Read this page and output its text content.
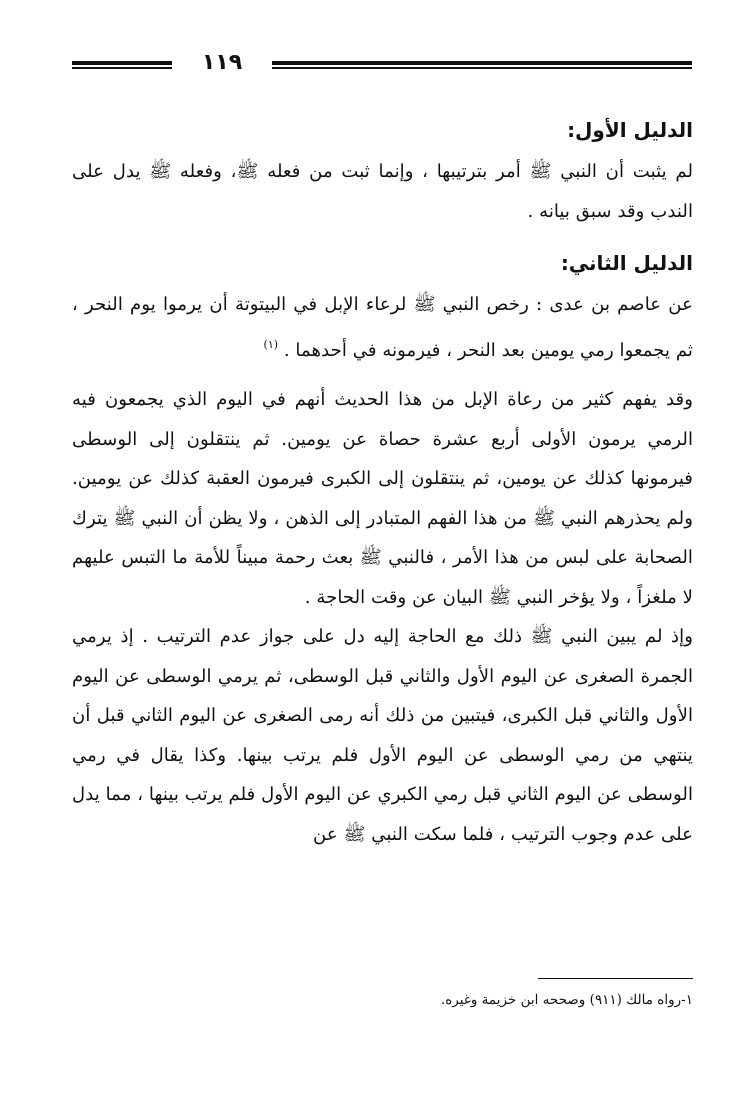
١١٩
الدليل الأول:

لم يثبت أن النبي ﷺ أمر بترتيبها ، وإنما ثبت من فعله ﷺ، وفعله ﷺ يدل على الندب وقد سبق بيانه .

الدليل الثاني:

عن عاصم بن عدى : رخص النبي ﷺ لرعاء الإبل في البيتوتة أن يرموا يوم النحر ، ثم يجمعوا رمي يومين بعد النحر ، فيرمونه في أحدهما . $^{(١)}$

وقد يفهم كثير من رعاة الإبل من هذا الحديث أنهم في اليوم الذي يجمعون فيه الرمي يرمون الأولى أربع عشرة حصاة عن يومين. ثم ينتقلون إلى الوسطى فيرمونها كذلك عن يومين، ثم ينتقلون إلى الكبرى فيرمون العقبة كذلك عن يومين. ولم يحذرهم النبي ﷺ من هذا الفهم المتبادر إلى الذهن ، ولا يظن أن النبي ﷺ يترك الصحابة على لبس من هذا الأمر ، فالنبي ﷺ بعث رحمة مبيناً للأمة ما التبس عليهم لا ملغزاً ، ولا يؤخر النبي ﷺ البيان عن وقت الحاجة .

وإذ لم يبين النبي ﷺ ذلك مع الحاجة إليه دل على جواز عدم الترتيب . إذ يرمي الجمرة الصغرى عن اليوم الأول والثاني قبل الوسطى، ثم يرمي الوسطى عن اليوم الأول والثاني قبل الكبرى، فيتبين من ذلك أنه رمى الصغرى عن اليوم الثاني قبل أن ينتهي من رمي الوسطى عن اليوم الأول فلم يرتب بينها. وكذا يقال في رمي الوسطى عن اليوم الثاني قبل رمي الكبري عن اليوم الأول فلم يرتب بينها ، مما يدل على عدم وجوب الترتيب ، فلما سكت النبي ﷺ عن

١-رواه مالك (٩١١) وصححه ابن خزيمة وغيره.
